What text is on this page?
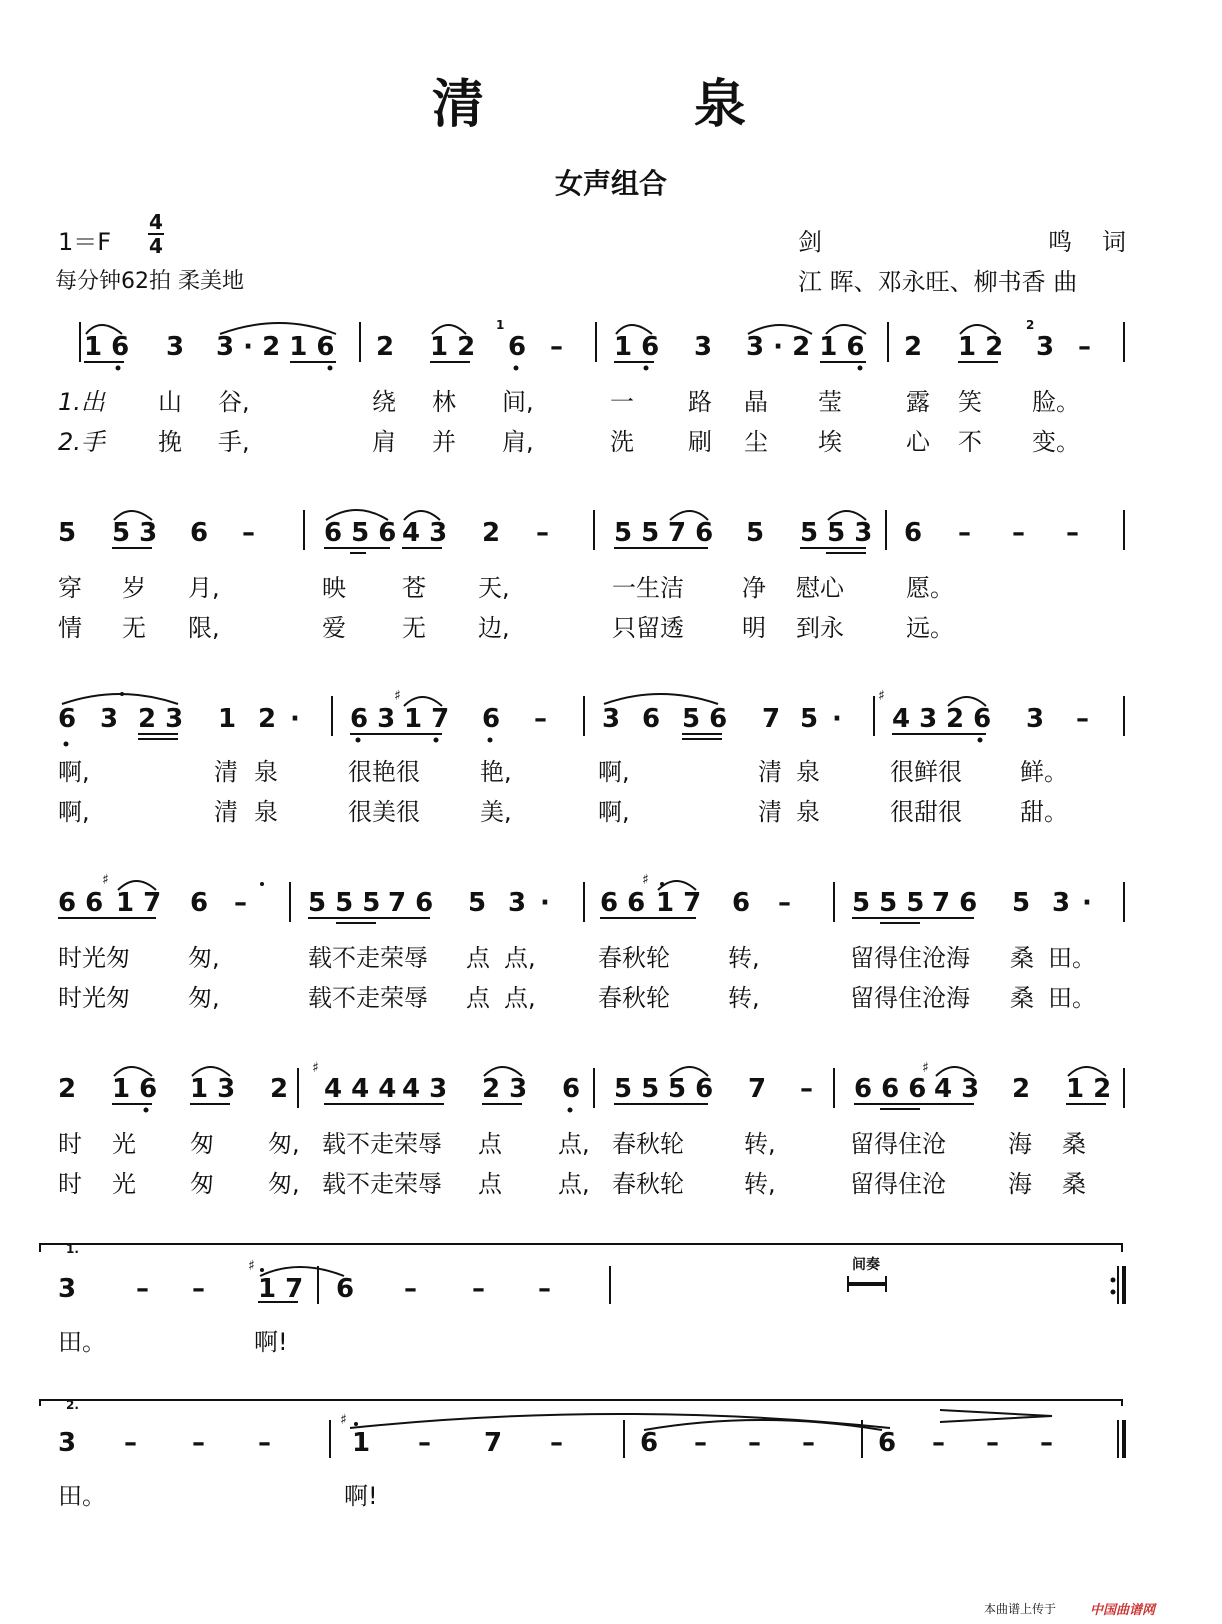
清	泉
女声组合
1＝F
4
4
每分钟62拍 柔美地
剑	鸣 词
江 晖、邓永旺、柳书香 曲
1 6 3 3 · 2 1 6 2 1 2
1
6 – 1 6 3 3 · 2 1 6 2 1 2
2
3 –
1.出 山 谷,	绕 林 间,	一 路 晶 莹	露 笑 脸。
2.手 挽 手,	肩 并 肩,	洗 刷 尘 埃	心 不 变。
5 5 3 6 –	6 5 6 4 3 2 –	5 5 7 6 5 5 5 3 6 – – –
穿 岁 月,	映 苍 天,	一生洁 净 慰心	愿。
情 无 限,	爱 无 边,	只留透 明 到永	远。
6 3 2 3 1 2 · 6 3 1 7 6 – 3 6 5 6 7 5 · 4 3 2 6 3 –
啊,	清 泉	很艳很	艳,	啊,	清 泉	很鲜很 鲜。
啊,	清 泉	很美很	美,	啊,	清 泉	很甜很 甜。
6 6 1 7 6 – 5 5 5 7 6 5 3 · 6 6 1 7 6 – 5 5 5 7 6 5 3 ·
时光匆 匆,	载不走荣辱 点 点,	春秋轮 转,	留得住沧海 桑 田。
时光匆 匆,	载不走荣辱 点 点,	春秋轮 转,	留得住沧海 桑 田。
2 1 6 1 3 2 4 4 4 4 3 2 3 6 5 5 5 6 7 – 6 6 6 4 3 2 1 2
时 光 匆 匆, 载不走荣辱 点 点, 春秋轮	转,	留得住沧	海 桑
时 光 匆 匆, 载不走荣辱 点 点, 春秋轮	转,	留得住沧	海 桑
1.
3 – – 1 7 6 – – –
间奏
田。	啊!
2.
3 – – –	1 – 7 –	6 – – – 6 – – –
田。	啊!
本曲谱上传于	中国曲谱网
♯	♯
♯	♯
♯	♯
♯
♯
